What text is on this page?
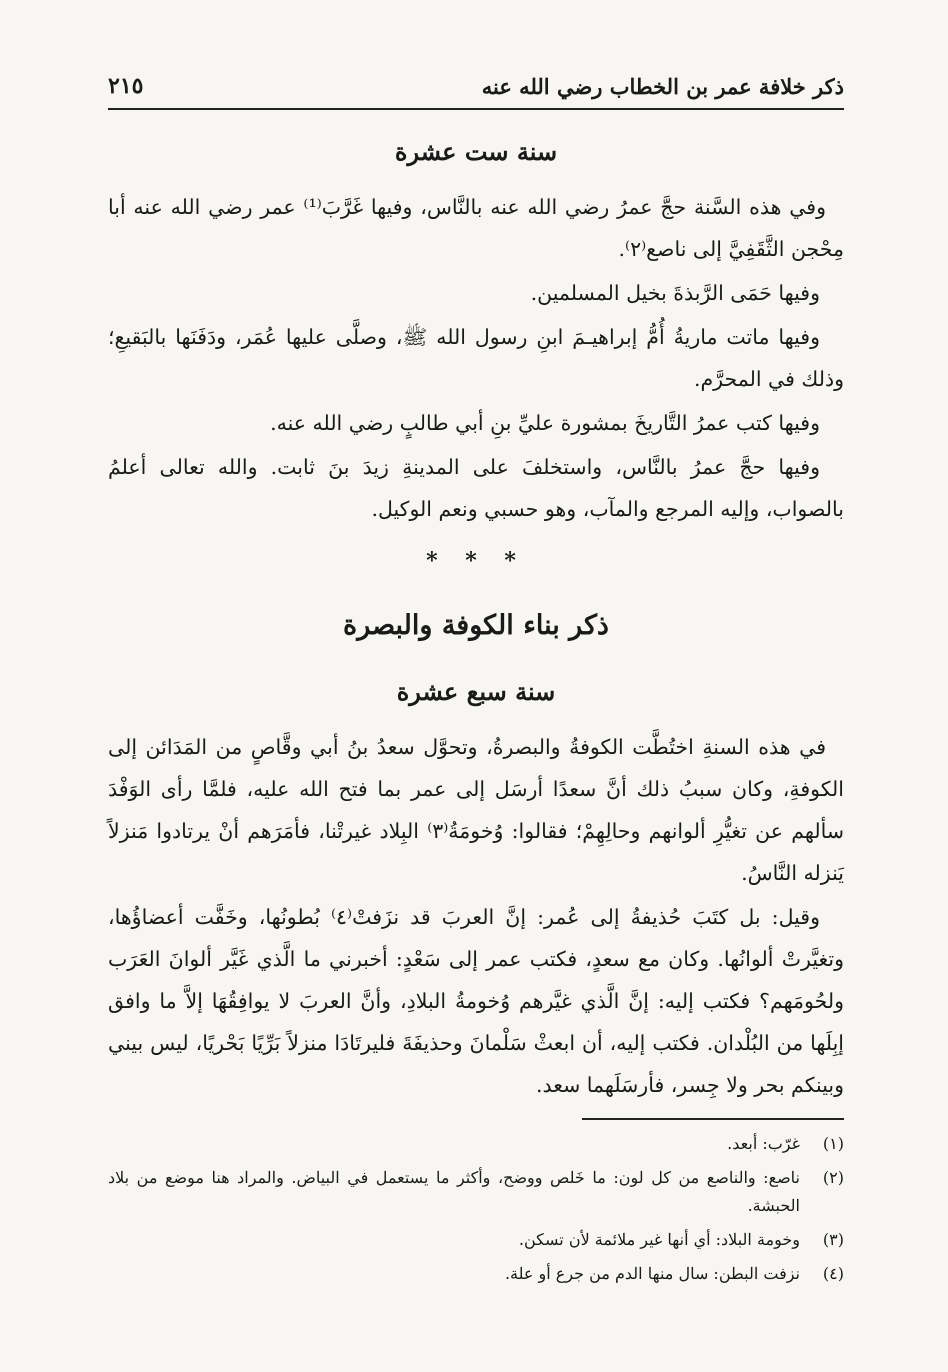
ذكر خلافة عمر بن الخطاب رضي الله عنه
٢١٥
سنة ست عشرة

وفي هذه السَّنة حجَّ عمرُ رضي الله عنه بالنَّاس، وفيها غَرَّبَ⁽¹⁾ عمر رضي الله عنه أبا مِحْجن الثَّقَفِيَّ إلى ناصع⁽٢⁾.

وفيها حَمَى الرَّبذةَ بخيل المسلمين.

وفيها ماتت ماريةُ أُمُّ إبراهيـمَ ابنِ رسول الله ﷺ، وصلَّى عليها عُمَر، ودَفَنَها بالبَقيعِ؛ وذلك في المحرَّم.

وفيها كتب عمرُ التَّاريخَ بمشورة عليِّ بنِ أبي طالبٍ رضي الله عنه.

وفيها حجَّ عمرُ بالنَّاس، واستخلفَ على المدينةِ زيدَ بنَ ثابت. والله تعالى أعلمُ بالصواب، وإليه المرجع والمآب، وهو حسبي ونعم الوكيل.

* * *
ذكر بناء الكوفة والبصرة
سنة سبع عشرة

في هذه السنةِ اختُطَّت الكوفةُ والبصرةُ، وتحوَّل سعدُ بنُ أبي وقَّاصٍ من المَدَائن إلى الكوفةِ، وكان سببُ ذلك أنَّ سعدًا أرسَل إلى عمر بما فتح الله عليه، فلمَّا رأى الوَفْدَ سألهم عن تغيُّرِ ألوانهم وحالِهِمْ؛ فقالوا: وُخومَةُ⁽٣⁾ البِلاد غيرتْنا، فأمَرَهم أنْ يرتادوا مَنزلاً يَنزله النَّاسُ.

وقيل: بل كتَبَ حُذيفةُ إلى عُمر: إنَّ العربَ قد نزَفتْ⁽٤⁾ بُطونُها، وخَفَّت أعضاؤُها، وتغيَّرتْ ألوانُها. وكان مع سعدٍ، فكتب عمر إلى سَعْدٍ: أخبرني ما الَّذي غَيَّر ألوانَ العَرَب ولحُومَهم؟ فكتب إليه: إنَّ الَّذي غيَّرهم وُخومةُ البلادِ، وأنَّ العربَ لا يوافِقُهَا إلاَّ ما وافق إبِلَها من البُلْدان. فكتب إليه، أن ابعثْ سَلْمانَ وحذيفَةَ فليرتَادَا منزلاً بَرِّيًا بَحْريًا، ليس بيني وبينكم بحر ولا جِسر، فأرسَلَهما سعد.

(١)
غرّب: أبعد.
(٢)
ناصع: والناصع من كل لون: ما خَلص ووضح، وأكثر ما يستعمل في البياض. والمراد هنا موضع من بلاد الحبشة.
(٣)
وخومة البلاد: أي أنها غير ملائمة لأن تسكن.
(٤)
نزفت البطن: سال منها الدم من جرع أو علة.
